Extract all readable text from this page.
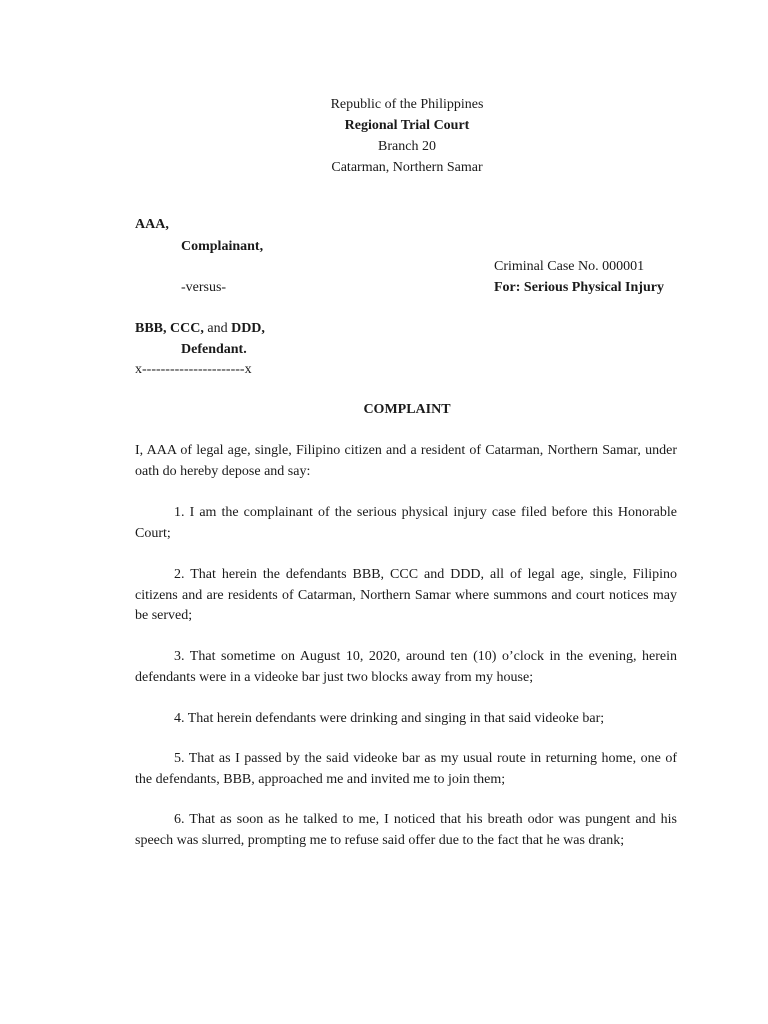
Republic of the Philippines
Regional Trial Court
Branch 20
Catarman, Northern Samar
AAA,
Complainant,
Criminal Case No. 000001
-versus-	For: Serious Physical Injury
BBB, CCC, and DDD,
Defendant.
x----------------------x
COMPLAINT
I, AAA of legal age, single, Filipino citizen and a resident of Catarman, Northern Samar, under oath do hereby depose and say:
1. I am the complainant of the serious physical injury case filed before this Honorable Court;
2. That herein the defendants BBB, CCC and DDD, all of legal age, single, Filipino citizens and are residents of Catarman, Northern Samar where summons and court notices may be served;
3. That sometime on August 10, 2020, around ten (10) o’clock in the evening, herein defendants were in a videoke bar just two blocks away from my house;
4. That herein defendants were drinking and singing in that said videoke bar;
5. That as I passed by the said videoke bar as my usual route in returning home, one of the defendants, BBB, approached me and invited me to join them;
6. That as soon as he talked to me, I noticed that his breath odor was pungent and his speech was slurred, prompting me to refuse said offer due to the fact that he was drank;
